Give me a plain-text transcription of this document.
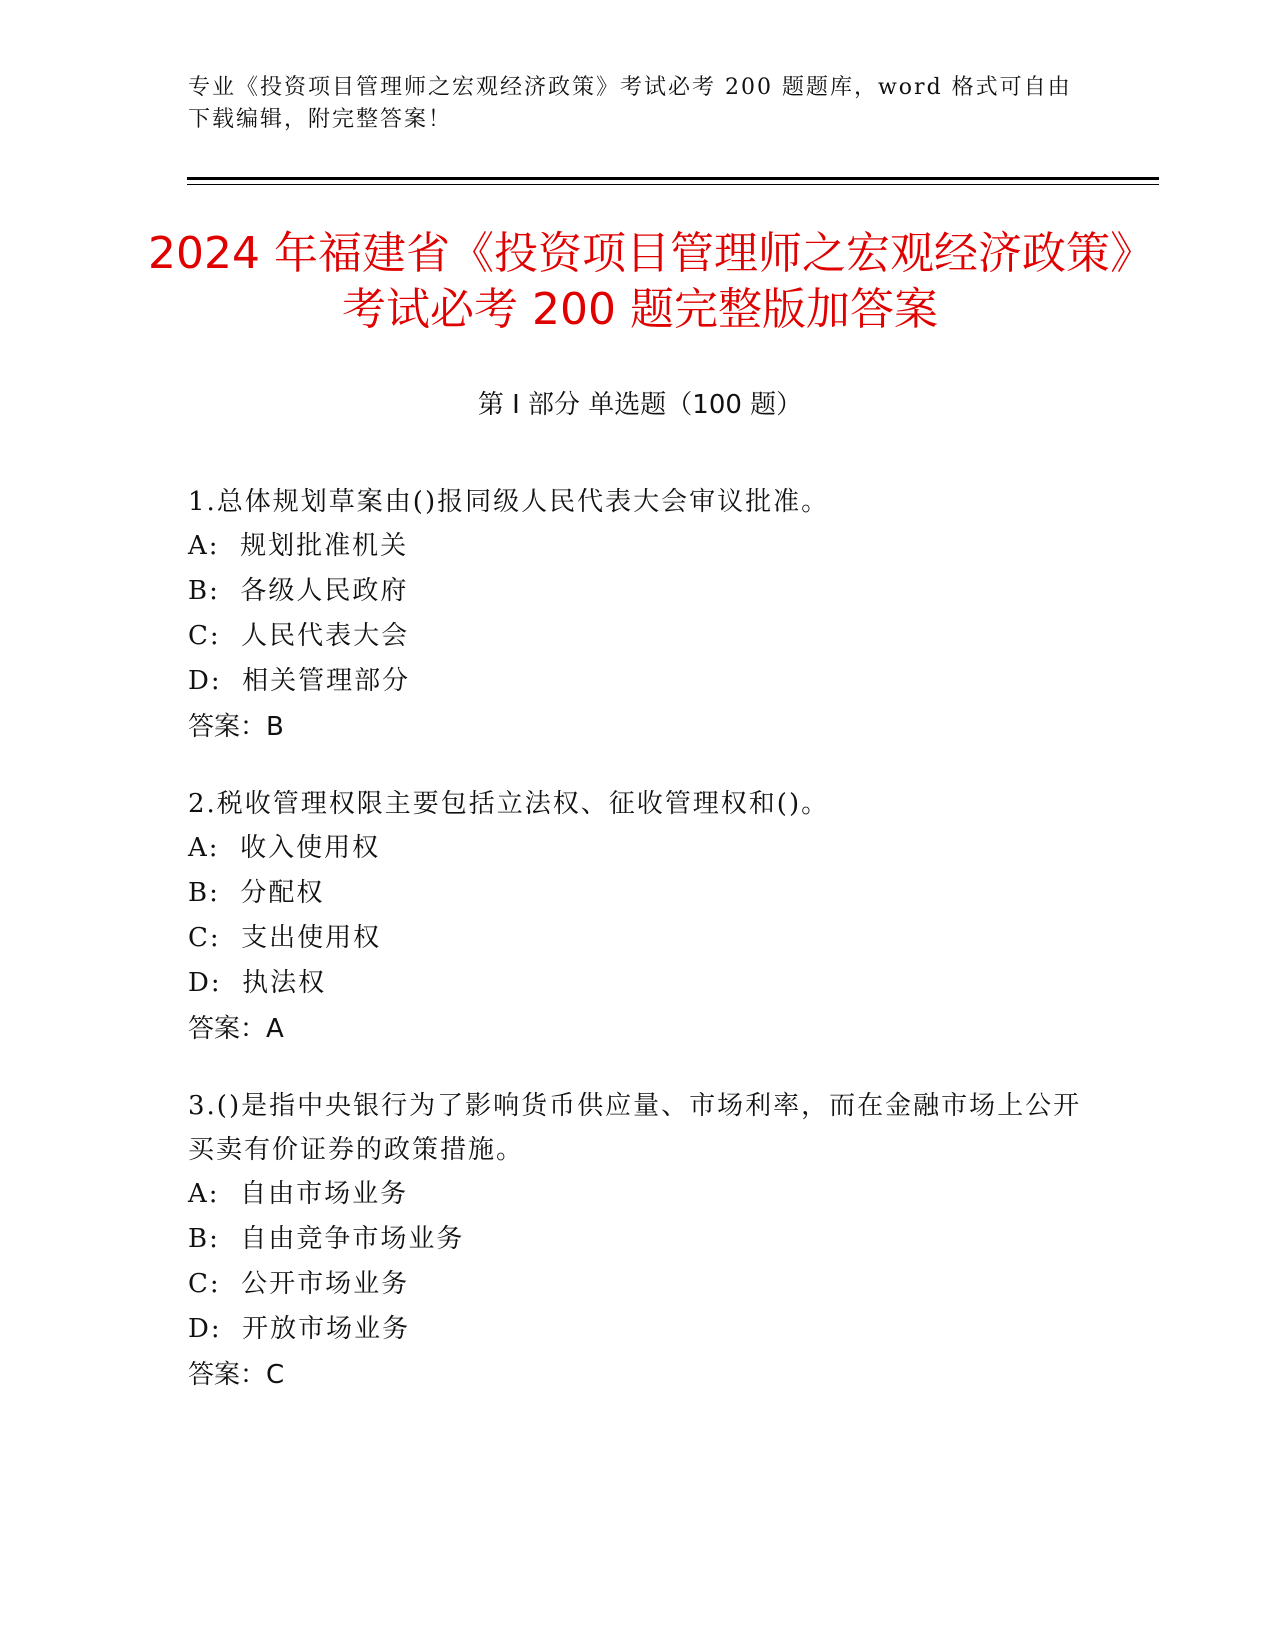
专业《投资项目管理师之宏观经济政策》考试必考 200 题题库，word 格式可自由下载编辑，附完整答案！
2024 年福建省《投资项目管理师之宏观经济政策》考试必考 200 题完整版加答案
第 I 部分 单选题（100 题）

1.总体规划草案由()报同级人民代表大会审议批准。

A:  规划批准机关

B:  各级人民政府

C:  人民代表大会

D:  相关管理部分

答案：B

2.税收管理权限主要包括立法权、征收管理权和()。

A:  收入使用权

B:  分配权

C:  支出使用权

D:  执法权

答案：A

3.()是指中央银行为了影响货币供应量、市场利率，而在金融市场上公开买卖有价证券的政策措施。

A:  自由市场业务

B:  自由竞争市场业务

C:  公开市场业务

D:  开放市场业务

答案：C
